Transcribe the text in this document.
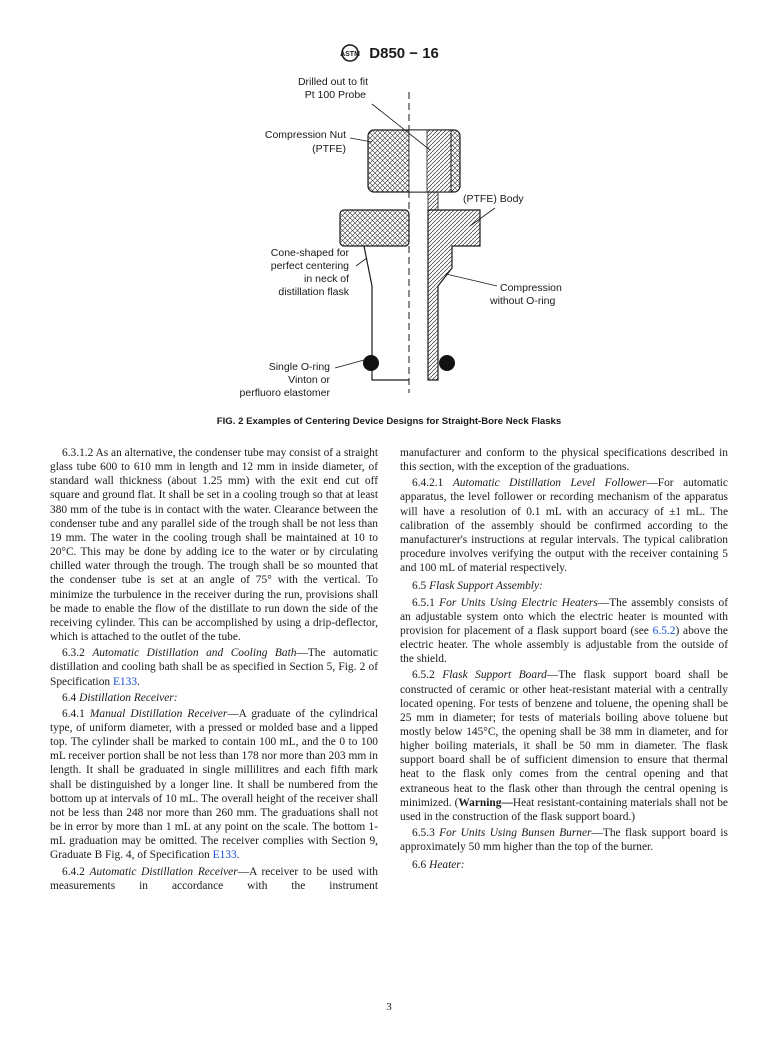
ASTM D850 − 16
Drilled out to fit
Pt 100 Probe
Compression Nut
(PTFE)
(PTFE) Body
Cone-shaped for
perfect centering
in neck of
distillation flask	Compression
without O-ring
Single O-ring
Vinton or
perfluoro elastomer
FIG. 2 Examples of Centering Device Designs for Straight-Bore Neck Flasks

6.3.1.2 As an alternative, the condenser tube may consist of a straight glass tube 600 to 610 mm in length and 12 mm in inside diameter, of standard wall thickness (about 1.25 mm) with the exit end cut off square and ground flat. It shall be set in a cooling trough so that at least 380 mm of the tube is in contact with the water. Clearance between the condenser tube and any parallel side of the trough shall be not less than 19 mm. The water in the cooling trough shall be maintained at 10 to 20°C. This may be done by adding ice to the water or by circulating chilled water through the trough. The trough shall be so mounted that the condenser tube is set at an angle of 75° with the vertical. To minimize the turbulence in the receiver during the run, provisions shall be made to enable the flow of the distillate to run down the side of the receiving cylinder. This can be accomplished by using a drip-deflector, which is attached to the outlet of the tube.

6.3.2 Automatic Distillation and Cooling Bath—The automatic distillation and cooling bath shall be as specified in Section 5, Fig. 2 of Specification E133.

6.4 Distillation Receiver:

6.4.1 Manual Distillation Receiver—A graduate of the cylindrical type, of uniform diameter, with a pressed or molded base and a lipped top. The cylinder shall be marked to contain 100 mL, and the 0 to 100 mL receiver portion shall be not less than 178 nor more than 203 mm in length. It shall be graduated in single millilitres and each fifth mark shall be distinguished by a longer line. It shall be numbered from the bottom up at intervals of 10 mL. The overall height of the receiver shall not be less than 248 nor more than 260 mm. The graduations shall not be in error by more than 1 mL at any point on the scale. The bottom 1-mL graduation may be omitted. The receiver complies with Section 9, Graduate B Fig. 4, of Specification E133.

6.4.2 Automatic Distillation Receiver—A receiver to be used with measurements in accordance with the instrument

manufacturer and conform to the physical specifications described in this section, with the exception of the graduations.

6.4.2.1 Automatic Distillation Level Follower—For automatic apparatus, the level follower or recording mechanism of the apparatus will have a resolution of 0.1 mL with an accuracy of ±1 mL. The calibration of the assembly should be confirmed according to the manufacturer's instructions at regular intervals. The typical calibration procedure involves verifying the output with the receiver containing 5 and 100 mL of material respectively.

6.5 Flask Support Assembly:

6.5.1 For Units Using Electric Heaters—The assembly consists of an adjustable system onto which the electric heater is mounted with provision for placement of a flask support board (see 6.5.2) above the electric heater. The whole assembly is adjustable from the outside of the shield.

6.5.2 Flask Support Board—The flask support board shall be constructed of ceramic or other heat-resistant material with a centrally located opening. For tests of benzene and toluene, the opening shall be 25 mm in diameter; for tests of materials boiling above toluene but mostly below 145°C, the opening shall be 38 mm in diameter, and for higher boiling materials, it shall be 50 mm in diameter. The flask support board shall be of sufficient dimension to ensure that thermal heat to the flask only comes from the central opening and that extraneous heat to the flask other than through the central opening is minimized. (Warning—Heat resistant-containing materials shall not be used in the construction of the flask support board.)

6.5.3 For Units Using Bunsen Burner—The flask support board is approximately 50 mm higher than the top of the burner.

6.6 Heater:

3
